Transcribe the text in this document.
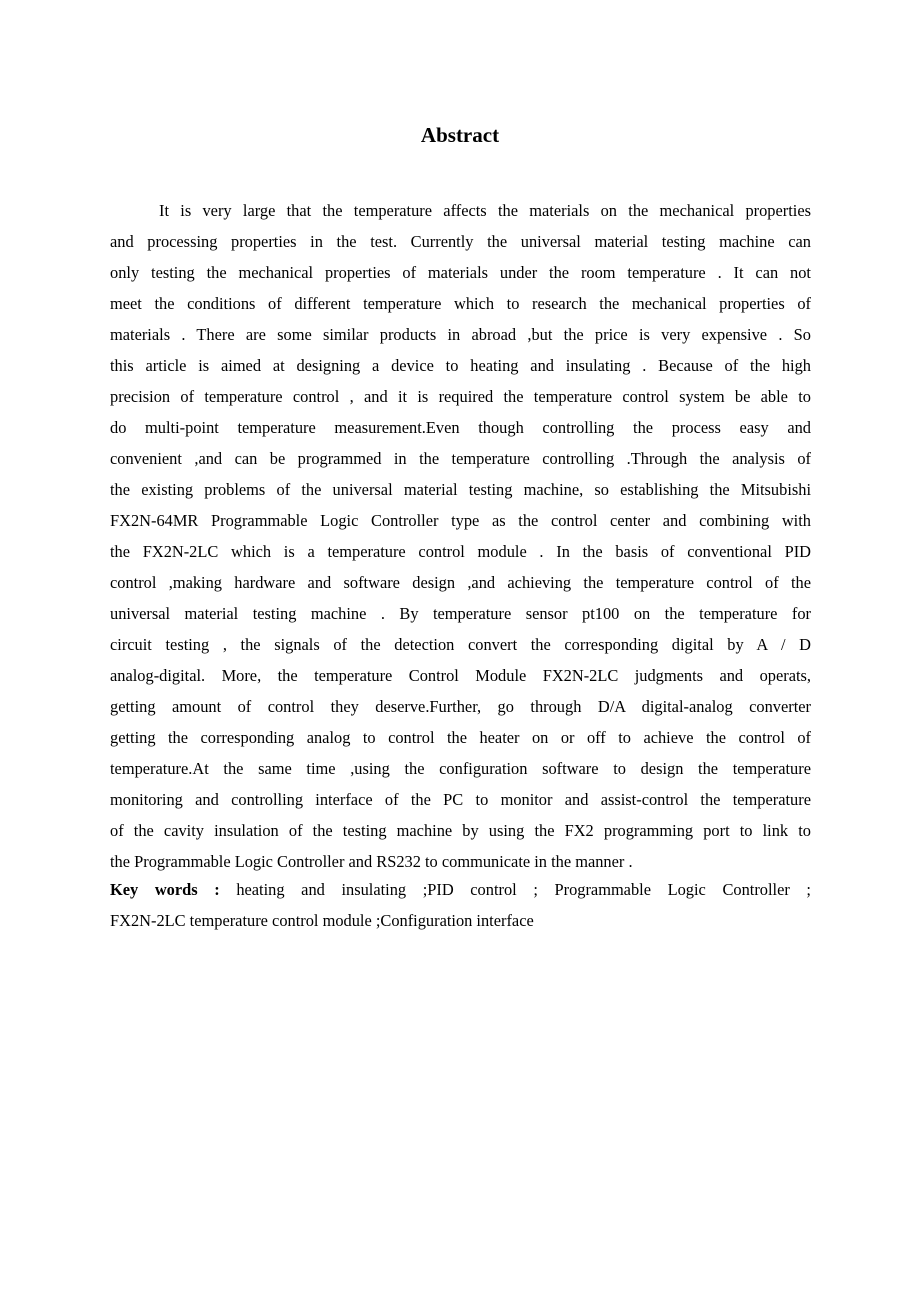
Abstract
It is very large that the temperature affects the materials on the mechanical properties
and processing properties in the test. Currently the universal material testing machine can
only testing the mechanical properties of materials under the room temperature . It can not
meet the conditions of different temperature which to research the mechanical properties of
materials . There are some similar products in abroad ,but the price is very expensive . So
this article is aimed at designing a device to heating and insulating . Because of the high
precision of temperature control , and it is required the temperature control system be able to
do multi-point temperature measurement.Even though controlling the process easy and
convenient ,and can be programmed in the temperature controlling .Through the analysis of
the existing problems of the universal material testing machine, so establishing the Mitsubishi
FX2N-64MR Programmable Logic Controller type as the control center and combining with
the FX2N-2LC which is a temperature control module . In the basis of conventional PID
control ,making hardware and software design ,and achieving the temperature control of the
universal material testing machine . By temperature sensor pt100 on the temperature for
circuit testing , the signals of the detection convert the corresponding digital by A / D
analog-digital. More, the temperature Control Module FX2N-2LC judgments and operats,
getting amount of control they deserve.Further, go through D/A digital-analog converter
getting the corresponding analog to control the heater on or off to achieve the control of
temperature.At the same time ,using the configuration software to design the temperature
monitoring and controlling interface of the PC to monitor and assist-control the temperature
of the cavity insulation of the testing machine by using the FX2 programming port to link to
the Programmable Logic Controller and RS232 to communicate in the manner .
Key words : heating and insulating ;PID control ; Programmable Logic Controller ;
FX2N-2LC temperature control module ;Configuration interface
